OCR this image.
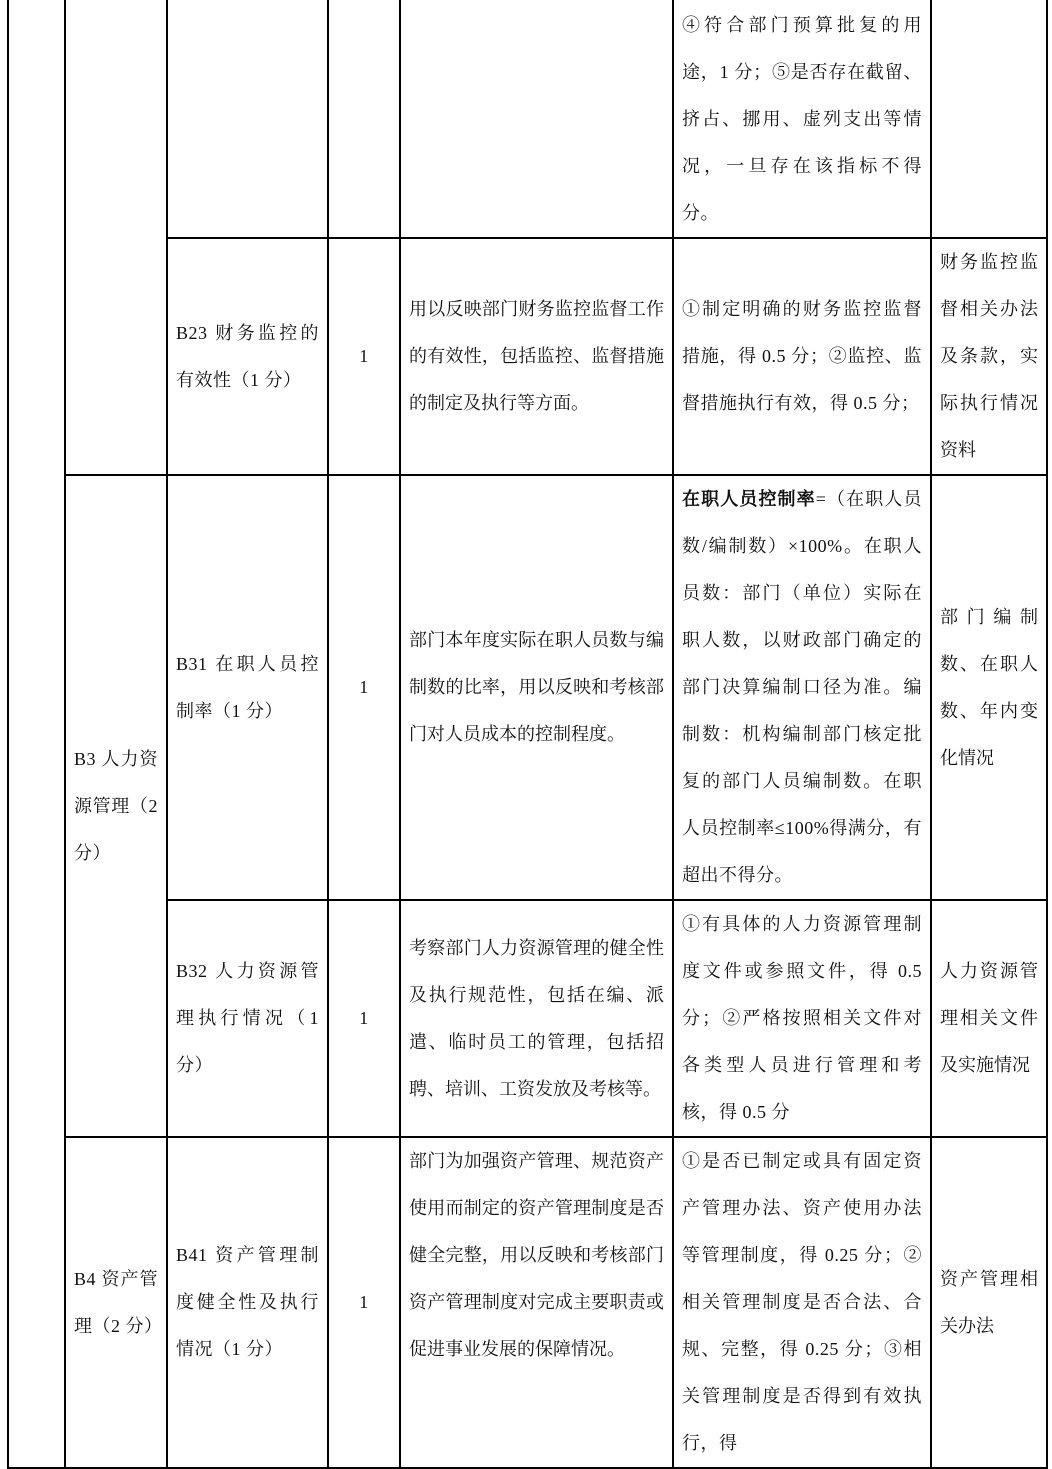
					④符合部门预算批复的用途，1 分；⑤是否存在截留、挤占、挪用、虚列支出等情况，一旦存在该指标不得分。	
		B23 财务监控的有效性（1 分）	1	用以反映部门财务监控监督工作的有效性，包括监控、监督措施的制定及执行等方面。	①制定明确的财务监控监督措施，得 0.5 分；②监控、监督措施执行有效，得 0.5 分；	财务监控监督相关办法及条款，实际执行情况资料
	B3 人力资源管理（2 分）	B31 在职人员控制率（1 分）	1	部门本年度实际在职人员数与编制数的比率，用以反映和考核部门对人员成本的控制程度。	在职人员控制率=（在职人员数/编制数）×100%。在职人员数：部门（单位）实际在职人数，以财政部门确定的部门决算编制口径为准。编制数：机构编制部门核定批复的部门人员编制数。在职人员控制率≤100%得满分，有超出不得分。	部门编制数、在职人数、年内变化情况
		B32 人力资源管理执行情况（1 分）	1	考察部门人力资源管理的健全性及执行规范性，包括在编、派遣、临时员工的管理，包括招聘、培训、工资发放及考核等。	①有具体的人力资源管理制度文件或参照文件，得 0.5 分；②严格按照相关文件对各类型人员进行管理和考核，得 0.5 分	人力资源管理相关文件及实施情况
	B4 资产管理（2 分）	B41 资产管理制度健全性及执行情况（1 分）	1	部门为加强资产管理、规范资产使用而制定的资产管理制度是否健全完整，用以反映和考核部门资产管理制度对完成主要职责或促进事业发展的保障情况。	①是否已制定或具有固定资产管理办法、资产使用办法等管理制度，得 0.25 分；②相关管理制度是否合法、合规、完整，得 0.25 分；③相关管理制度是否得到有效执行，得	资产管理相关办法
